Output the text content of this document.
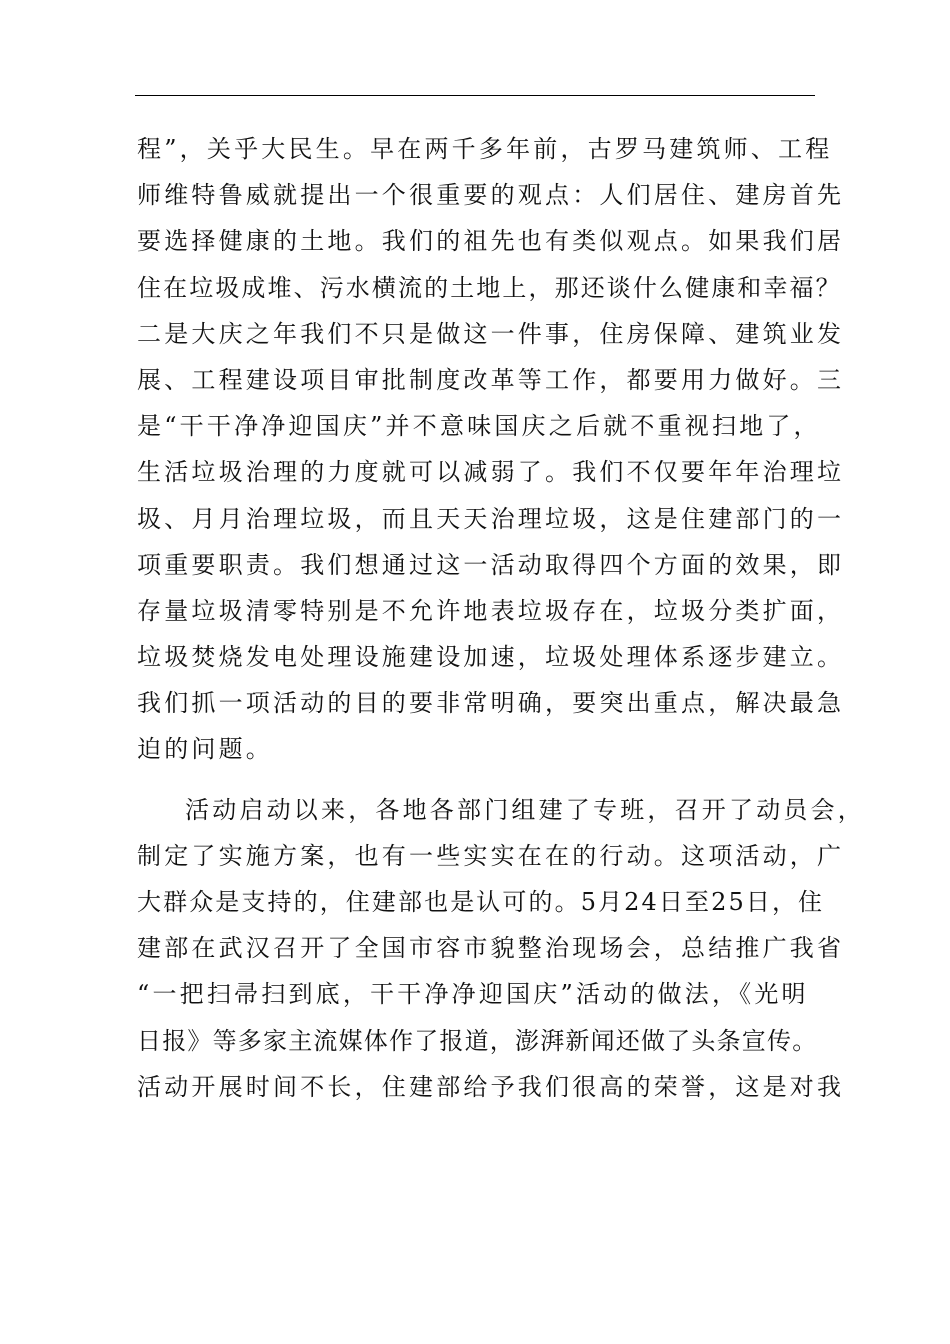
程”，关乎大民生。早在两千多年前，古罗马建筑师、工程
师维特鲁威就提出一个很重要的观点：人们居住、建房首先
要选择健康的土地。我们的祖先也有类似观点。如果我们居
住在垃圾成堆、污水横流的土地上，那还谈什么健康和幸福？
二是大庆之年我们不只是做这一件事，住房保障、建筑业发
展、工程建设项目审批制度改革等工作，都要用力做好。三
是“干干净净迎国庆”并不意味国庆之后就不重视扫地了，
生活垃圾治理的力度就可以减弱了。我们不仅要年年治理垃
圾、月月治理垃圾，而且天天治理垃圾，这是住建部门的一
项重要职责。我们想通过这一活动取得四个方面的效果，即
存量垃圾清零特别是不允许地表垃圾存在，垃圾分类扩面，
垃圾焚烧发电处理设施建设加速，垃圾处理体系逐步建立。
我们抓一项活动的目的要非常明确，要突出重点，解决最急
迫的问题。
活动启动以来，各地各部门组建了专班，召开了动员会，
制定了实施方案，也有一些实实在在的行动。这项活动，广
大群众是支持的，住建部也是认可的。5月24日至25日，住
建部在武汉召开了全国市容市貌整治现场会，总结推广我省
“一把扫帚扫到底，干干净净迎国庆”活动的做法，《光明
日报》等多家主流媒体作了报道，澎湃新闻还做了头条宣传。
活动开展时间不长，住建部给予我们很高的荣誉，这是对我
